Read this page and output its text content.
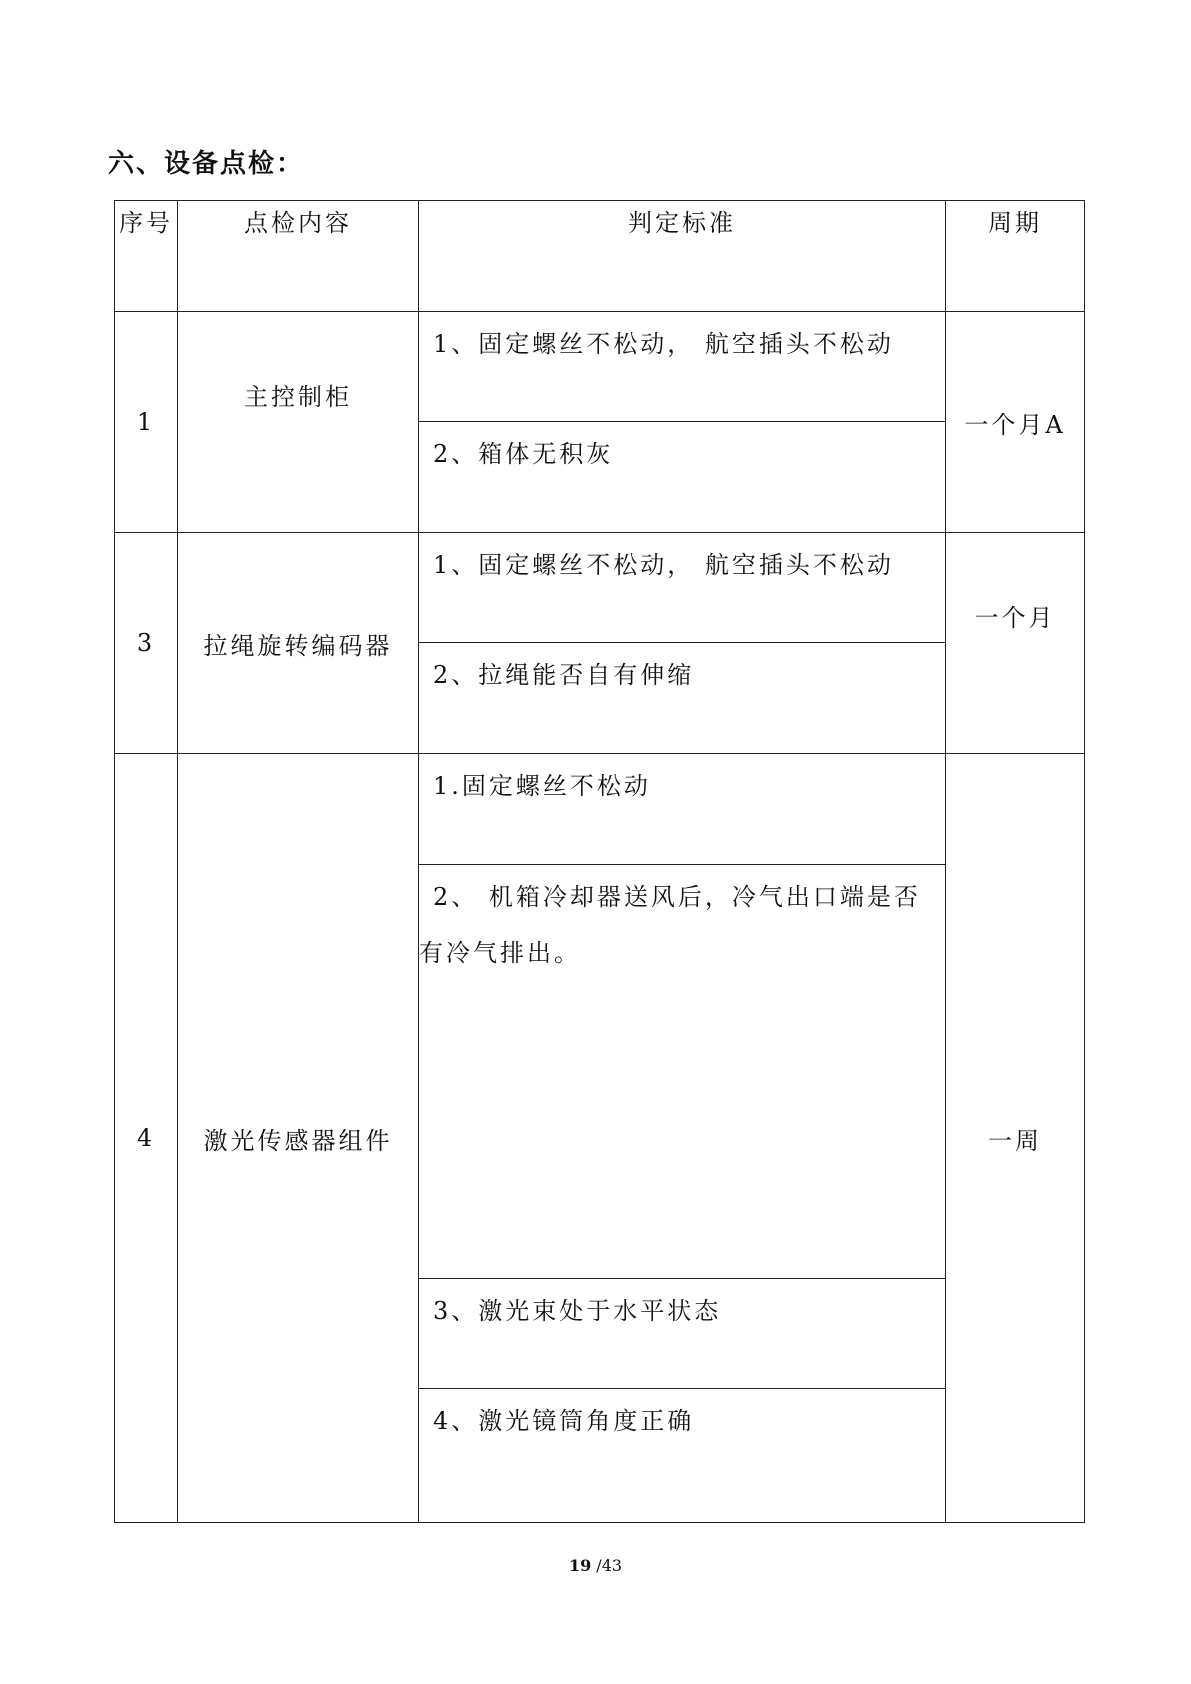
六、设备点检：
序号	点检内容	判定标准	周期
1	主控制柜	1、固定螺丝不松动， 航空插头不松动	一个月A
		2、箱体无积灰	
3	拉绳旋转编码器	1、固定螺丝不松动， 航空插头不松动	一个月
		2、拉绳能否自有伸缩	
4	激光传感器组件	1.固定螺丝不松动	一周
		2、 机箱冷却器送风后，冷气出口端是否有冷气排出。	
		3、激光束处于水平状态	
		4、激光镜筒角度正确	
19 /43
